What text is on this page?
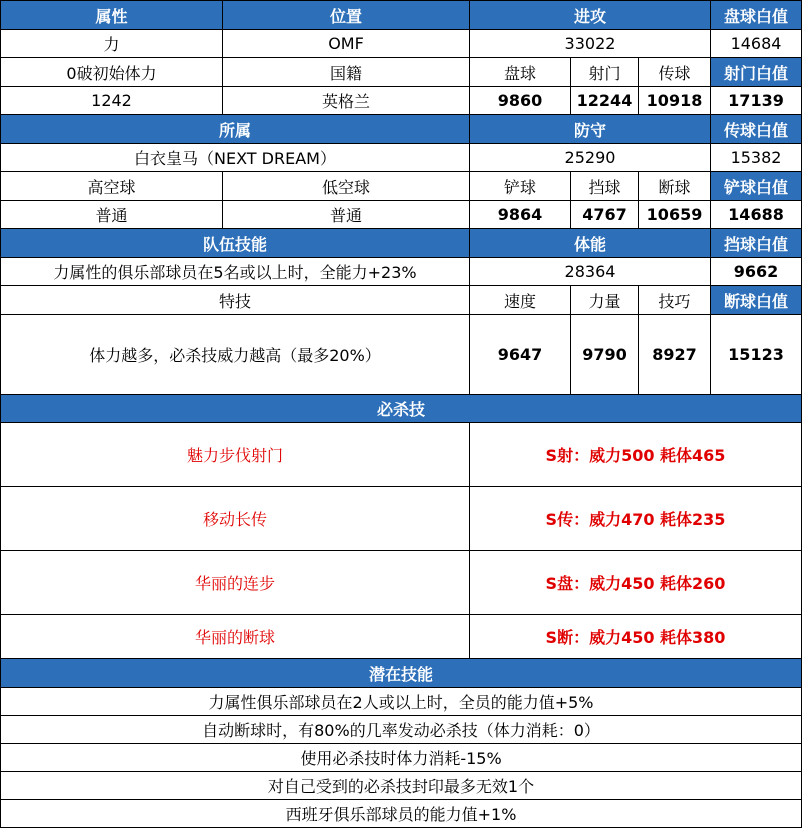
属性	位置	进攻			盘球白值
力	OMF	33022			14684
0破初始体力	国籍	盘球	射门	传球	射门白值
1242	英格兰	9860	12244	10918	17139
所属		防守			传球白值
白衣皇马（NEXT DREAM）		25290			15382
高空球	低空球	铲球	挡球	断球	铲球白值
普通	普通	9864	4767	10659	14688
队伍技能		体能			挡球白值
力属性的俱乐部球员在5名或以上时，全能力+23%		28364			9662
特技		速度	力量	技巧	断球白值
体力越多，必杀技威力越高（最多20%）		9647	9790	8927	15123
必杀技					
魅力步伐射门		S射：威力500 耗体465			
移动长传		S传：威力470 耗体235			
华丽的连步		S盘：威力450 耗体260			
华丽的断球		S断：威力450 耗体380			
潜在技能					
力属性俱乐部球员在2人或以上时，全员的能力值+5%					
自动断球时，有80%的几率发动必杀技（体力消耗：0）					
使用必杀技时体力消耗-15%					
对自己受到的必杀技封印最多无效1个					
西班牙俱乐部球员的能力值+1%					
